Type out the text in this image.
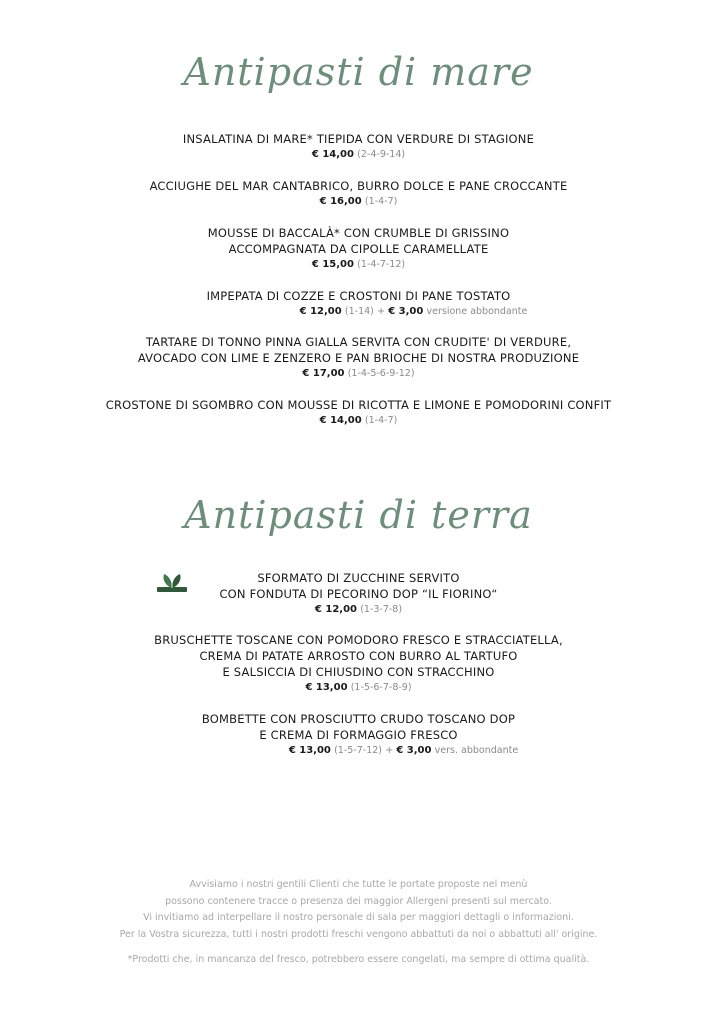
Antipasti di mare
INSALATINA DI MARE* TIEPIDA CON VERDURE DI STAGIONE
€ 14,00 (2-4-9-14)
ACCIUGHE DEL MAR CANTABRICO, BURRO DOLCE E PANE CROCCANTE
€ 16,00 (1-4-7)
MOUSSE DI BACCALÀ* CON CRUMBLE DI GRISSINO
ACCOMPAGNATA DA CIPOLLE CARAMELLATE
€ 15,00 (1-4-7-12)
IMPEPATA DI COZZE E CROSTONI DI PANE TOSTATO
€ 12,00 (1-14) + € 3,00 versione abbondante
TARTARE DI TONNO PINNA GIALLA SERVITA CON CRUDITE' DI VERDURE,
AVOCADO CON LIME E ZENZERO E PAN BRIOCHE DI NOSTRA PRODUZIONE
€ 17,00 (1-4-5-6-9-12)
CROSTONE DI SGOMBRO CON MOUSSE DI RICOTTA E LIMONE E POMODORINI CONFIT
€ 14,00 (1-4-7)
Antipasti di terra
SFORMATO DI ZUCCHINE SERVITO
CON FONDUTA DI PECORINO DOP “IL FIORINO“
€ 12,00 (1-3-7-8)
BRUSCHETTE TOSCANE CON POMODORO FRESCO E STRACCIATELLA,
CREMA DI PATATE ARROSTO CON BURRO AL TARTUFO
E SALSICCIA DI CHIUSDINO CON STRACCHINO
€ 13,00 (1-5-6-7-8-9)
BOMBETTE CON PROSCIUTTO CRUDO TOSCANO DOP
E CREMA DI FORMAGGIO FRESCO
€ 13,00 (1-5-7-12) + € 3,00 vers. abbondante
Avvisiamo i nostri gentili Clienti che tutte le portate proposte nel menù
possono contenere tracce o presenza dei maggior Allergeni presenti sul mercato.
Vi invitiamo ad interpellare il nostro personale di sala per maggiori dettagli o informazioni.
Per la Vostra sicurezza, tutti i nostri prodotti freschi vengono abbattuti da noi o abbattuti all' origine.
*Prodotti che, in mancanza del fresco, potrebbero essere congelati, ma sempre di ottima qualità.
